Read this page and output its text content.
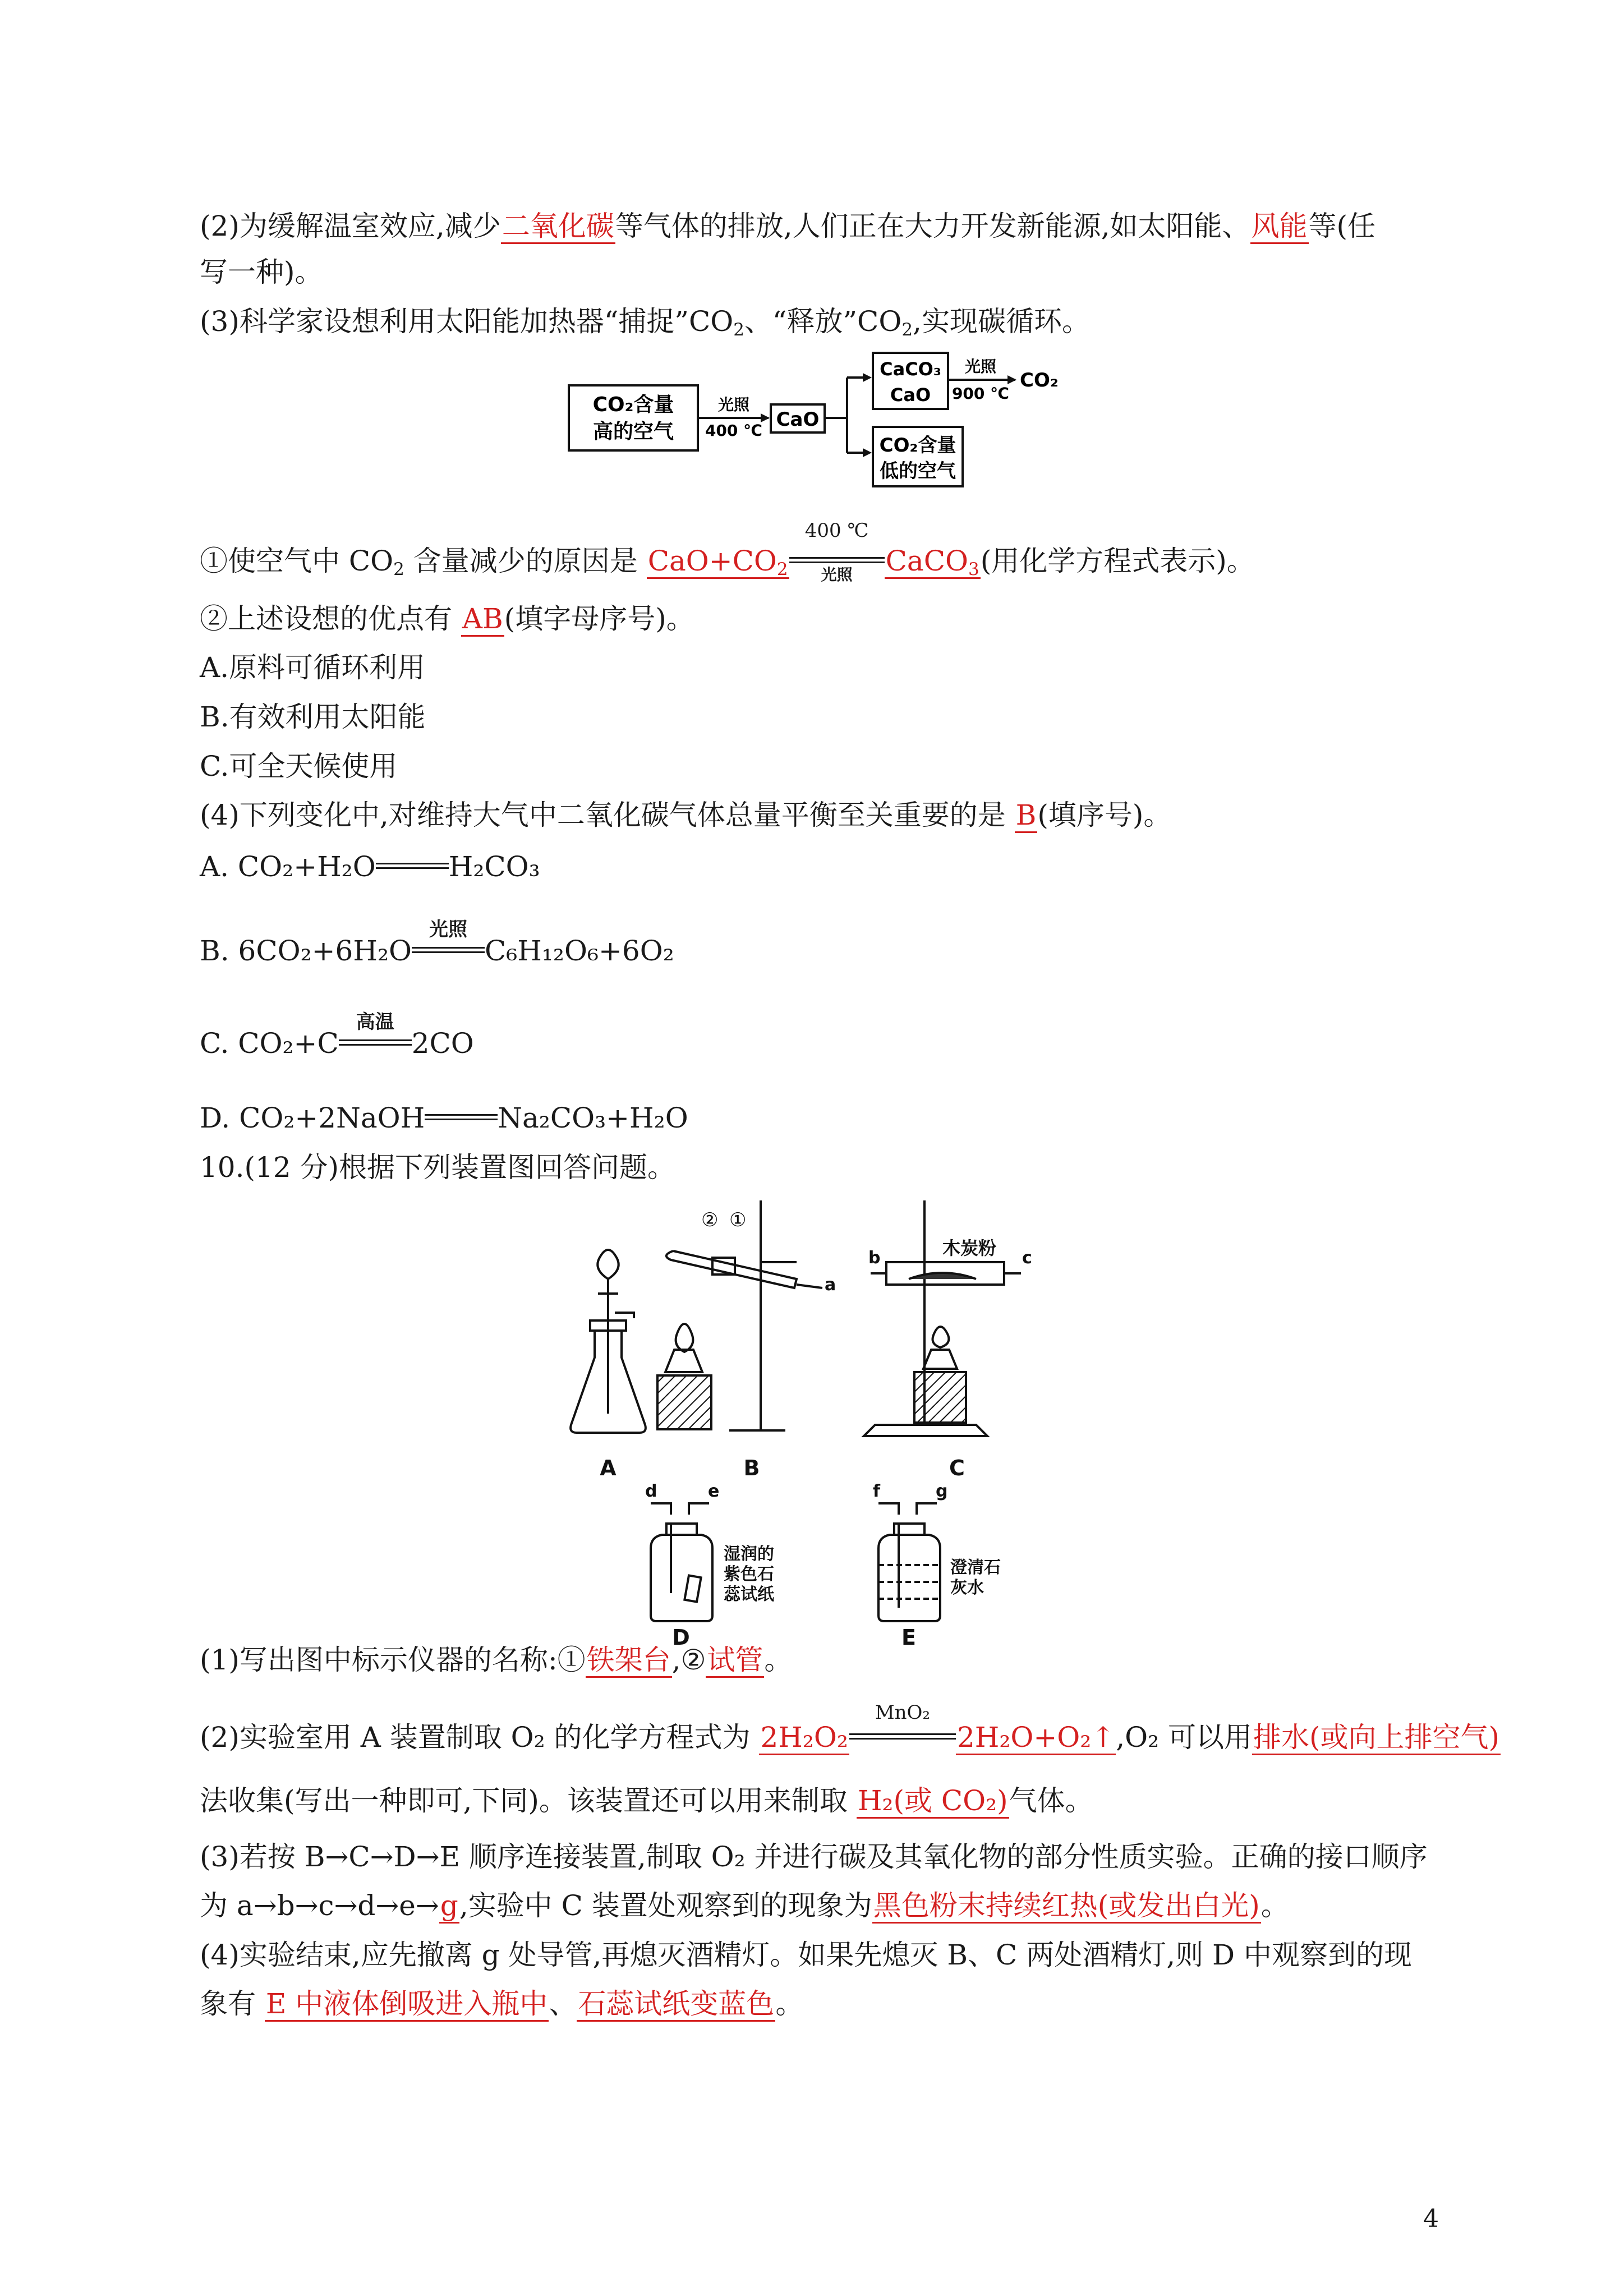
(2)为缓解温室效应,减少二氧化碳等气体的排放,人们正在大力开发新能源,如太阳能、风能等(任
写一种)。
(3)科学家设想利用太阳能加热器“捕捉$”CO_2$、“释放$”CO_2$,实现碳循环。
CO₂含量
高的空气
光照
400 ℃ CaO
CaCO₃
CaO
光照
900 ℃
CO₂
CO₂含量
低的空气
①使空气中 $CO_2$ 含量减少的原因是 $CaO+CO_2$
400 ℃
光照	CaCO$_3$(用化学方程式表示)。
②上述设想的优点有 AB(填字母序号)。
A.原料可循环利用
B.有效利用太阳能
C.可全天候使用
(4)下列变化中,对维持大气中二氧化碳气体总量平衡至关重要的是 B(填序号)。
A. CO₂+H₂O	H₂CO₃
B. 6CO₂+6H₂O
光照
C₆H₁₂O₆+6O₂
C. CO₂+C
高温
2CO
D. CO₂+2NaOH	Na₂CO₃+H₂O
10.(12 分)根据下列装置图回答问题。
A
①
②
a
B
木炭粉
b	c
C
d	e
湿润的
紫色石
蕊试纸
D
f	g
澄清石
灰水
E
(1)写出图中标示仪器的名称:①铁架台,②试管。
(2)实验室用 A 装置制取 O₂ 的化学方程式为 2H₂O₂
MnO₂
2H₂O+O₂↑,O₂ 可以用排水(或向上排空气)
法收集(写出一种即可,下同)。该装置还可以用来制取 H₂(或 CO₂)气体。
(3)若按 B→C→D→E 顺序连接装置,制取 O₂ 并进行碳及其氧化物的部分性质实验。正确的接口顺序
为 a→b→c→d→e→g,实验中 C 装置处观察到的现象为黑色粉末持续红热(或发出白光)。
(4)实验结束,应先撤离 g 处导管,再熄灭酒精灯。如果先熄灭 B、C 两处酒精灯,则 D 中观察到的现
象有 E 中液体倒吸进入瓶中、石蕊试纸变蓝色。
4
